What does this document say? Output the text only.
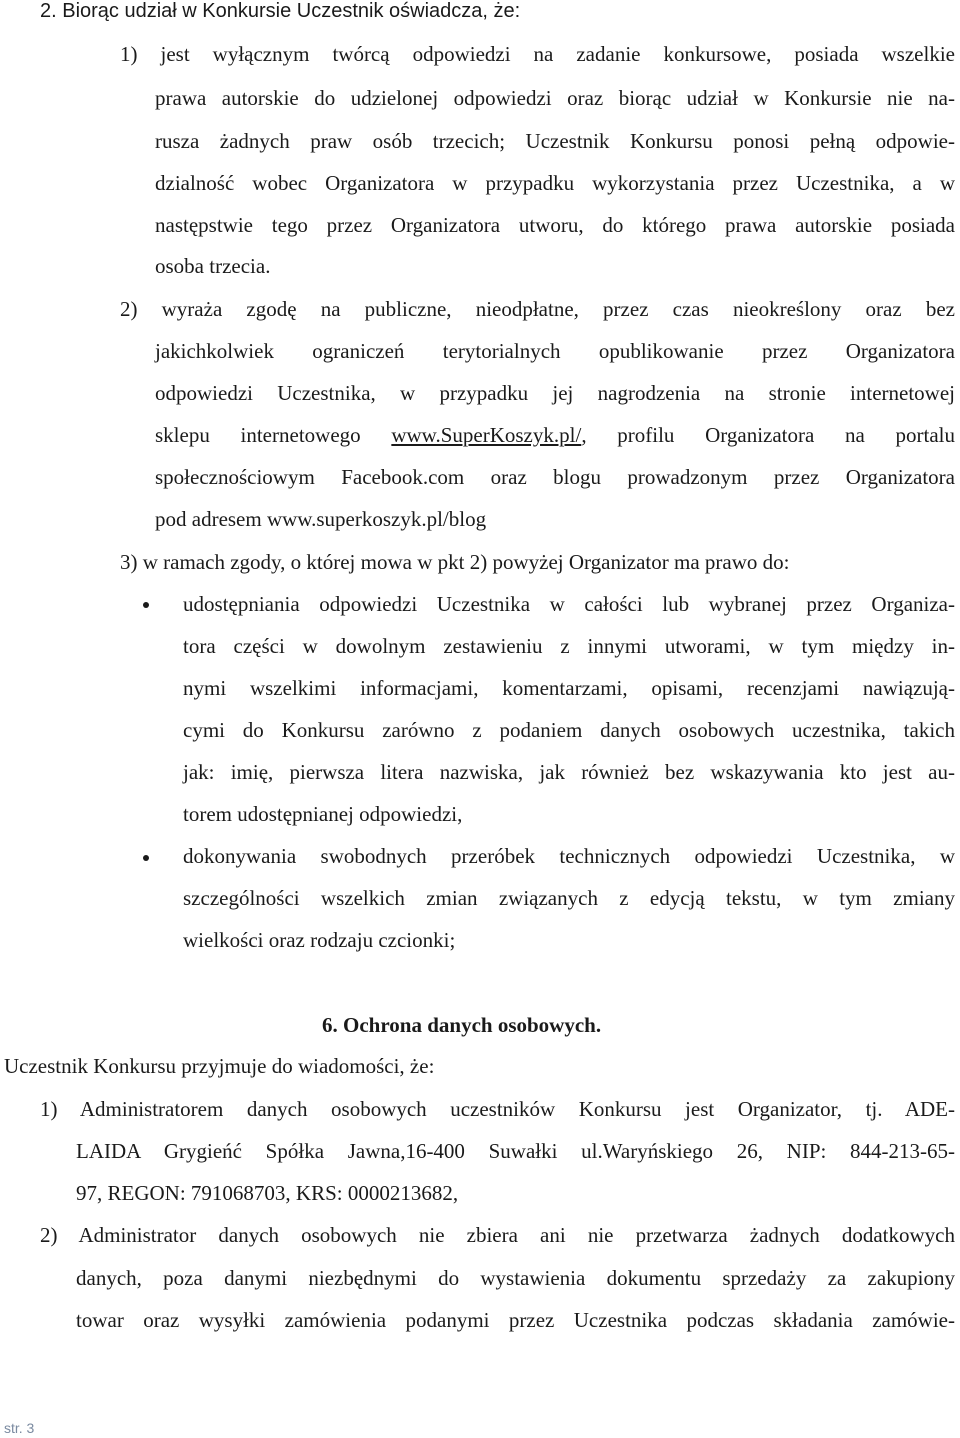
2. Biorąc udział w Konkursie Uczestnik oświadcza, że:
1) jest wyłącznym twórcą odpowiedzi na zadanie konkursowe, posiada wszelkie
prawa autorskie do udzielonej odpowiedzi oraz biorąc udział w Konkursie nie na-
rusza żadnych praw osób trzecich; Uczestnik Konkursu ponosi pełną odpowie-
dzialność wobec Organizatora w przypadku wykorzystania przez Uczestnika, a w
następstwie tego przez Organizatora utworu, do którego prawa autorskie posiada
osoba trzecia.
2) wyraża zgodę na publiczne, nieodpłatne, przez czas nieokreślony oraz bez
jakichkolwiek ograniczeń terytorialnych opublikowanie przez Organizatora
odpowiedzi Uczestnika, w przypadku jej nagrodzenia na stronie internetowej
sklepu internetowego www.SuperKoszyk.pl/, profilu Organizatora na portalu
społecznościowym Facebook.com oraz blogu prowadzonym przez Organizatora
pod adresem www.superkoszyk.pl/blog
3) w ramach zgody, o której mowa w pkt 2) powyżej Organizator ma prawo do:
udostępniania odpowiedzi Uczestnika w całości lub wybranej przez Organiza-
tora części w dowolnym zestawieniu z innymi utworami, w tym między in-
nymi wszelkimi informacjami, komentarzami, opisami, recenzjami nawiązują-
cymi do Konkursu zarówno z podaniem danych osobowych uczestnika, takich
jak: imię, pierwsza litera nazwiska, jak również bez wskazywania kto jest au-
torem udostępnianej odpowiedzi,
dokonywania swobodnych przeróbek technicznych odpowiedzi Uczestnika, w
szczególności wszelkich zmian związanych z edycją tekstu, w tym zmiany
wielkości oraz rodzaju czcionki;
6. Ochrona danych osobowych.
Uczestnik Konkursu przyjmuje do wiadomości, że:
1) Administratorem danych osobowych uczestników Konkursu jest Organizator, tj. ADE-
LAIDA Grygieńć Spółka Jawna,16-400 Suwałki ul.Waryńskiego 26, NIP: 844-213-65-
97, REGON: 791068703, KRS: 0000213682,
2) Administrator danych osobowych nie zbiera ani nie przetwarza żadnych dodatkowych
danych, poza danymi niezbędnymi do wystawienia dokumentu sprzedaży za zakupiony
towar oraz wysyłki zamówienia podanymi przez Uczestnika podczas składania zamówie-
str. 3
